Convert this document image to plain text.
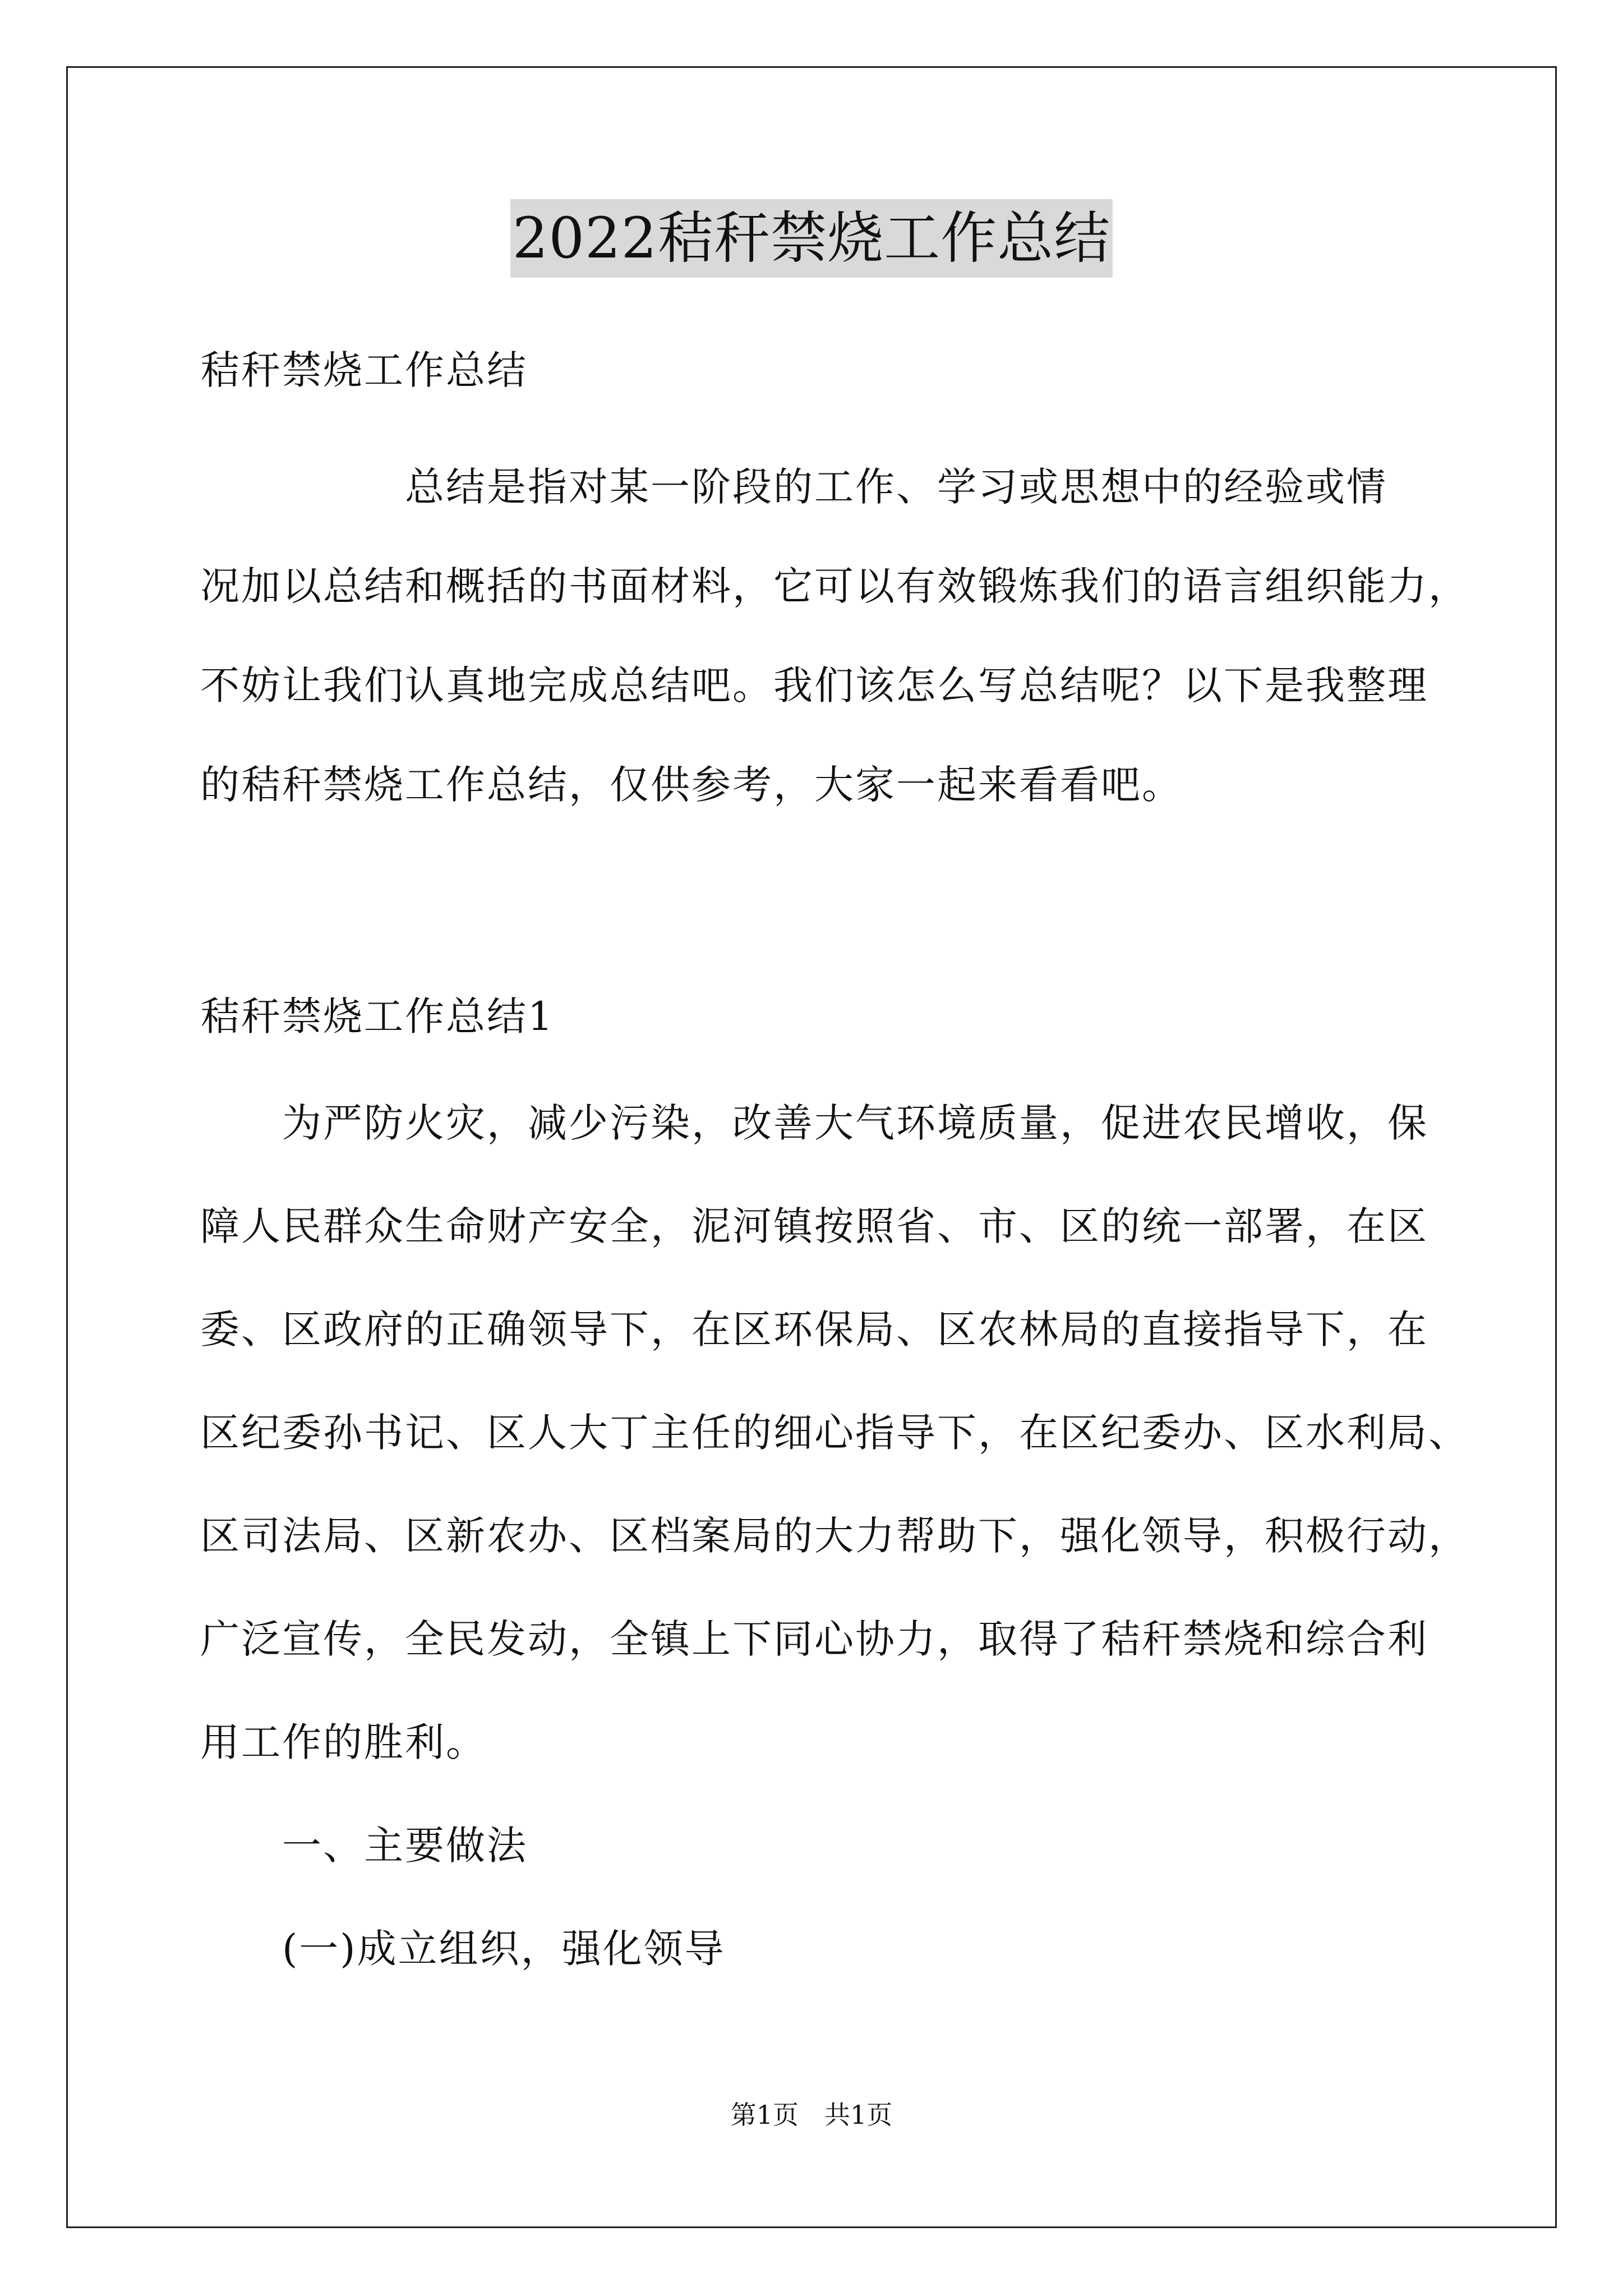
2022秸秆禁烧工作总结
秸秆禁烧工作总结
　　　　　总结是指对某一阶段的工作、学习或思想中的经验或情
况加以总结和概括的书面材料，它可以有效锻炼我们的语言组织能力，
不妨让我们认真地完成总结吧。我们该怎么写总结呢？以下是我整理
的秸秆禁烧工作总结，仅供参考，大家一起来看看吧。
秸秆禁烧工作总结1
　　为严防火灾，减少污染，改善大气环境质量，促进农民增收，保
障人民群众生命财产安全，泥河镇按照省、市、区的统一部署，在区
委、区政府的正确领导下，在区环保局、区农林局的直接指导下，在
区纪委孙书记、区人大丁主任的细心指导下，在区纪委办、区水利局、
区司法局、区新农办、区档案局的大力帮助下，强化领导，积极行动，
广泛宣传，全民发动，全镇上下同心协力，取得了秸秆禁烧和综合利
用工作的胜利。
　　一、主要做法
　　(一)成立组织，强化领导
第1页　共1页
